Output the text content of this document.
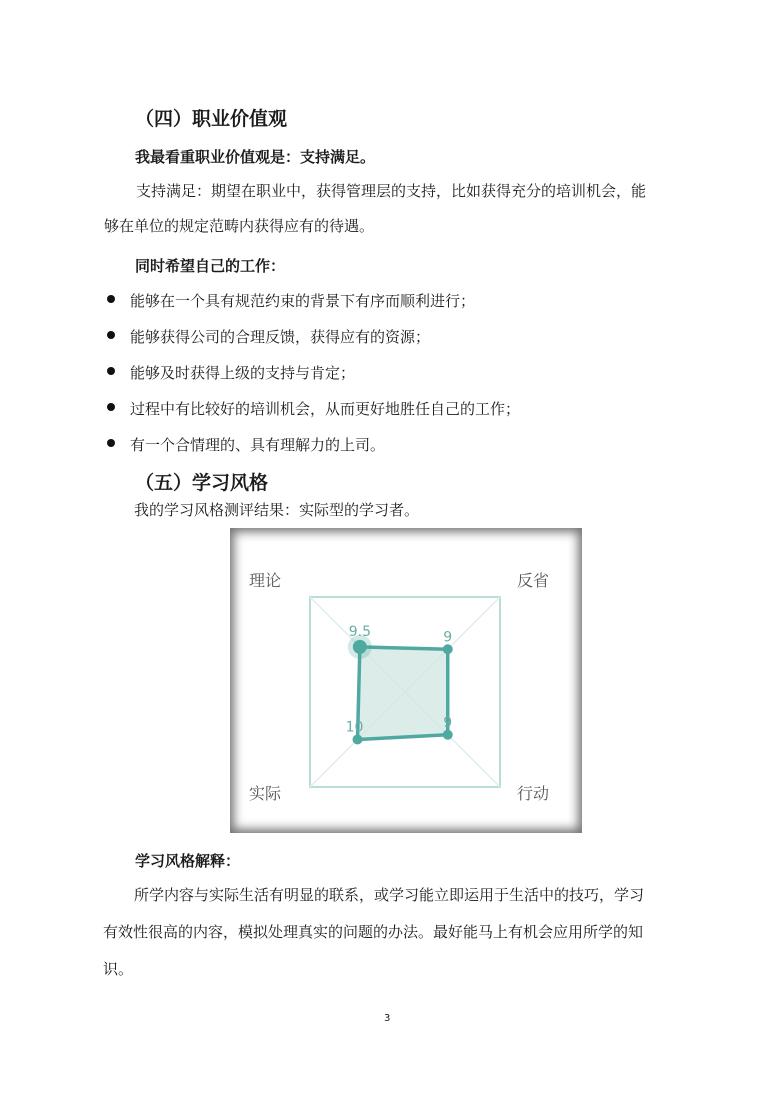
（四）职业价值观
我最看重职业价值观是：支持满足。
支持满足：期望在职业中，获得管理层的支持，比如获得充分的培训机会，能
够在单位的规定范畴内获得应有的待遇。
同时希望自己的工作：
能够在一个具有规范约束的背景下有序而顺利进行；
能够获得公司的合理反馈，获得应有的资源；
能够及时获得上级的支持与肯定；
过程中有比较好的培训机会，从而更好地胜任自己的工作；
有一个合情理的、具有理解力的上司。
（五）学习风格
我的学习风格测评结果：实际型的学习者。
9.5	9
9
10
理论	反省
行动
实际
学习风格解释：
所学内容与实际生活有明显的联系，或学习能立即运用于生活中的技巧，学习
有效性很高的内容，模拟处理真实的问题的办法。最好能马上有机会应用所学的知
识。
3
